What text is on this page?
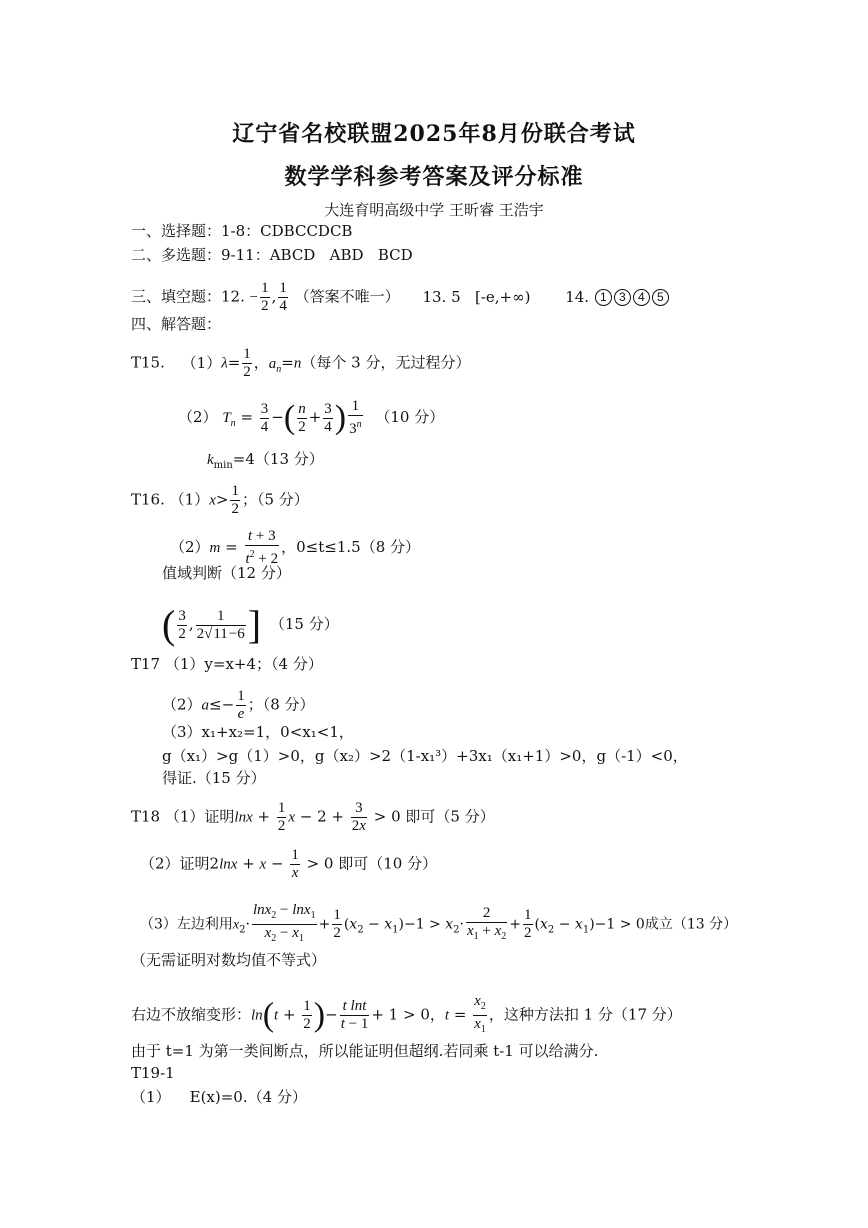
辽宁省名校联盟2025年8月份联合考试
数学学科参考答案及评分标准
大连育明高级中学 王昕睿 王浩宇
一、选择题：1-8：CDBCCDCB
二、多选题：9-11：ABCD   ABD   BCD
三、填空题：12. − $\frac{1}{2}$ , $\frac{1}{4}$ （答案不唯一） 13. 5   [-e,+∞) 14. 1 3 4 5
四、解答题：
T15. $(1)\lambda= \frac{1}{2}$ ，$a_n=n$（每个 3 分，无过程分）
（2） $T_n = \frac{3}{4}$ −( $\frac{n}{2} + \frac{3}{4}$ ) $\frac{1}{3^n} (10$ 分）
$k_{min}=4(13$ 分）
T16. $(1)x> \frac{1}{2}$ ；（5 分）
$(2)m = \frac{t + 3}{t^2 + 2}$ ，0≤t≤1.5（8 分）
值域判断（12 分）
( $\frac{3}{2}$ , $\frac{1}{2√11-6}$ ] （15 分）
T17 （1）y=x+4；（4 分）
$(2)a\le- \frac{1}{e}$ ；（8 分）
（3）x₁+x₂=1，0<x₁<1，
g（x₁）>g（1）>0，g（x₂）>2（1-x₁³）+3x₁（x₁+1）>0，g（-1）<0，
得证.（15 分）
T18 （1）证明$\ln x + \frac{1}{2}$ $x - 2 + \frac{3}{2x} > 0$ 即可（5 分）
（2）证明$2\ln x + x - \frac{1}{x} > 0$ 即可（10 分）
（3）左边利用$x_2\cdot \frac{\ln x_2 - \ln x_1}{x_2 - x_1} + \frac{1}{2} (x_2 - x_1)-1 > x_2\cdot \frac{2}{x_1 + x_2} + \frac{1}{2} (x_2 - x_1)-1 > 0$成立（13 分）
（无需证明对数均值不等式）
右边不放缩变形：$\ln(t + \frac{1}{2}$ )− $\frac{\text{t lnt}}{t - 1} + 1 > 0$，$t = \frac{x_2}{x_1}$ ，这种方法扣 1 分（17 分）
由于 t=1 为第一类间断点，所以能证明但超纲.若同乘 t-1 可以给满分.
T19-1
（1）    E(x)=0.（4 分）
